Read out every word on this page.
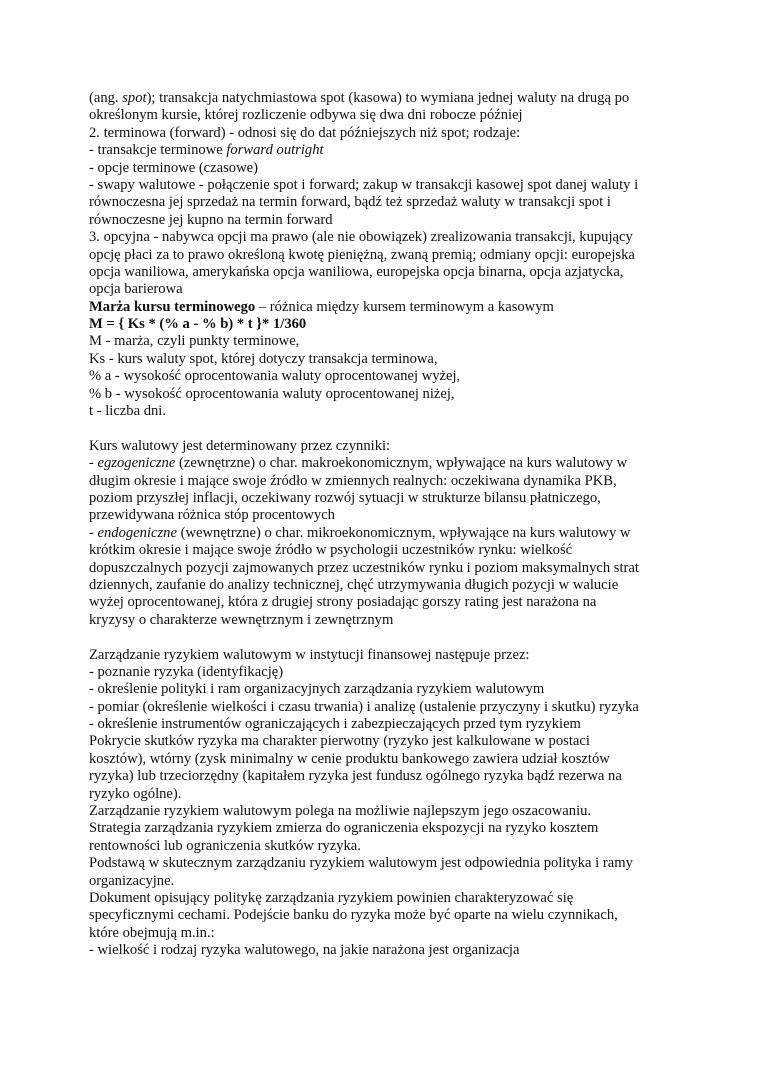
(ang. spot); transakcja natychmiastowa spot (kasowa) to wymiana jednej waluty na drugą po
określonym kursie, której rozliczenie odbywa się dwa dni robocze później
2. terminowa (forward) - odnosi się do dat późniejszych niż spot; rodzaje:
- transakcje terminowe forward outright
- opcje terminowe (czasowe)
- swapy walutowe - połączenie spot i forward; zakup w transakcji kasowej spot danej waluty i
równoczesna jej sprzedaż na termin forward, bądź też sprzedaż waluty w transakcji spot i
równoczesne jej kupno na termin forward
3. opcyjna - nabywca opcji ma prawo (ale nie obowiązek) zrealizowania transakcji, kupujący
opcję płaci za to prawo określoną kwotę pieniężną, zwaną premią; odmiany opcji: europejska
opcja waniliowa, amerykańska opcja waniliowa, europejska opcja binarna, opcja azjatycka,
opcja barierowa
Marża kursu terminowego – różnica między kursem terminowym a kasowym
M = { Ks * (% a - % b) * t }* 1/360
M - marża, czyli punkty terminowe,
Ks - kurs waluty spot, której dotyczy transakcja terminowa,
% a - wysokość oprocentowania waluty oprocentowanej wyżej,
% b - wysokość oprocentowania waluty oprocentowanej niżej,
t - liczba dni.
Kurs walutowy jest determinowany przez czynniki:
- egzogeniczne (zewnętrzne) o char. makroekonomicznym, wpływające na kurs walutowy w
długim okresie i mające swoje źródło w zmiennych realnych: oczekiwana dynamika PKB,
poziom przyszłej inflacji, oczekiwany rozwój sytuacji w strukturze bilansu płatniczego,
przewidywana różnica stóp procentowych
- endogeniczne (wewnętrzne) o char. mikroekonomicznym, wpływające na kurs walutowy w
krótkim okresie i mające swoje źródło w psychologii uczestników rynku: wielkość
dopuszczalnych pozycji zajmowanych przez uczestników rynku i poziom maksymalnych strat
dziennych, zaufanie do analizy technicznej, chęć utrzymywania długich pozycji w walucie
wyżej oprocentowanej, która z drugiej strony posiadając gorszy rating jest narażona na
kryzysy o charakterze wewnętrznym i zewnętrznym
Zarządzanie ryzykiem walutowym w instytucji finansowej następuje przez:
- poznanie ryzyka (identyfikację)
- określenie polityki i ram organizacyjnych zarządzania ryzykiem walutowym
- pomiar (określenie wielkości i czasu trwania) i analizę (ustalenie przyczyny i skutku) ryzyka
- określenie instrumentów ograniczających i zabezpieczających przed tym ryzykiem
Pokrycie skutków ryzyka ma charakter pierwotny (ryzyko jest kalkulowane w postaci
kosztów), wtórny (zysk minimalny w cenie produktu bankowego zawiera udział kosztów
ryzyka) lub trzeciorzędny (kapitałem ryzyka jest fundusz ogólnego ryzyka bądź rezerwa na
ryzyko ogólne).
Zarządzanie ryzykiem walutowym polega na możliwie najlepszym jego oszacowaniu.
Strategia zarządzania ryzykiem zmierza do ograniczenia ekspozycji na ryzyko kosztem
rentowności lub ograniczenia skutków ryzyka.
Podstawą w skutecznym zarządzaniu ryzykiem walutowym jest odpowiednia polityka i ramy
organizacyjne.
Dokument opisujący politykę zarządzania ryzykiem powinien charakteryzować się
specyficznymi cechami. Podejście banku do ryzyka może być oparte na wielu czynnikach,
które obejmują m.in.:
- wielkość i rodzaj ryzyka walutowego, na jakie narażona jest organizacja
